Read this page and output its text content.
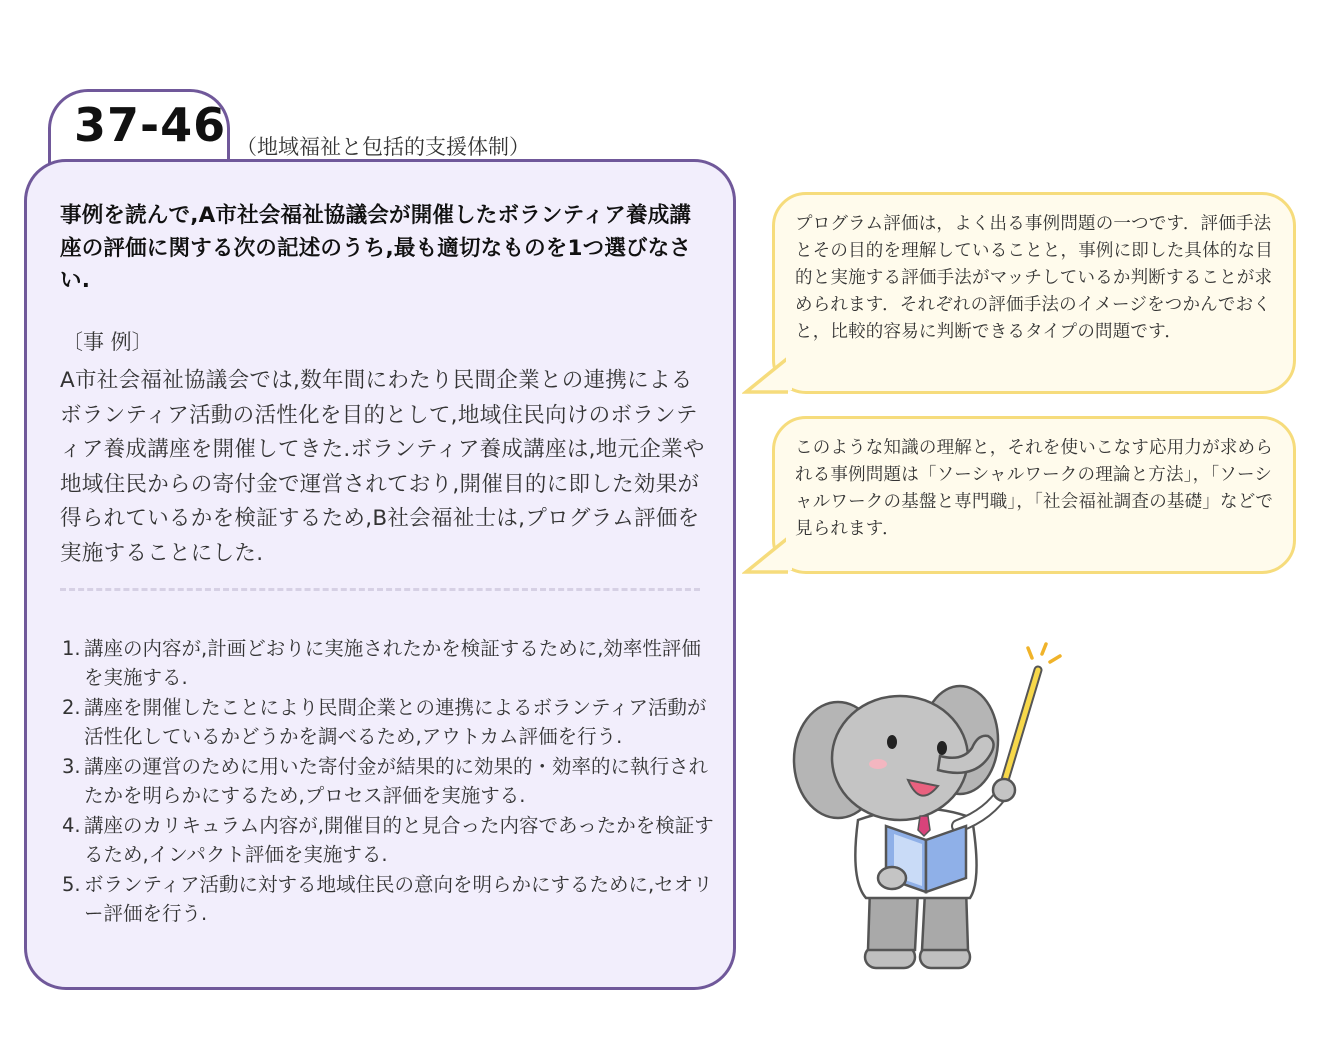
37-46 （地域福祉と包括的支援体制）
事例を読んで,A市社会福祉協議会が開催したボランティア養成講座の評価に関する次の記述のうち,最も適切なものを1つ選びなさい.
〔事 例〕
A市社会福祉協議会では,数年間にわたり民間企業との連携によるボランティア活動の活性化を目的として,地域住民向けのボランティア養成講座を開催してきた.ボランティア養成講座は,地元企業や地域住民からの寄付金で運営されており,開催目的に即した効果が得られているかを検証するため,B社会福祉士は,プログラム評価を実施することにした.
1. 講座の内容が,計画どおりに実施されたかを検証するために,効率性評価を実施する.
2. 講座を開催したことにより民間企業との連携によるボランティア活動が活性化しているかどうかを調べるため,アウトカム評価を行う.
3. 講座の運営のために用いた寄付金が結果的に効果的・効率的に執行されたかを明らかにするため,プロセス評価を実施する.
4. 講座のカリキュラム内容が,開催目的と見合った内容であったかを検証するため,インパクト評価を実施する.
5. ボランティア活動に対する地域住民の意向を明らかにするために,セオリー評価を行う.
プログラム評価は，よく出る事例問題の一つです．評価手法とその目的を理解していることと，事例に即した具体的な目的と実施する評価手法がマッチしているか判断することが求められます．それぞれの評価手法のイメージをつかんでおくと，比較的容易に判断できるタイプの問題です．
このような知識の理解と，それを使いこなす応用力が求められる事例問題は「ソーシャルワークの理論と方法」，「ソーシャルワークの基盤と専門職」，「社会福祉調査の基礎」などで見られます．
